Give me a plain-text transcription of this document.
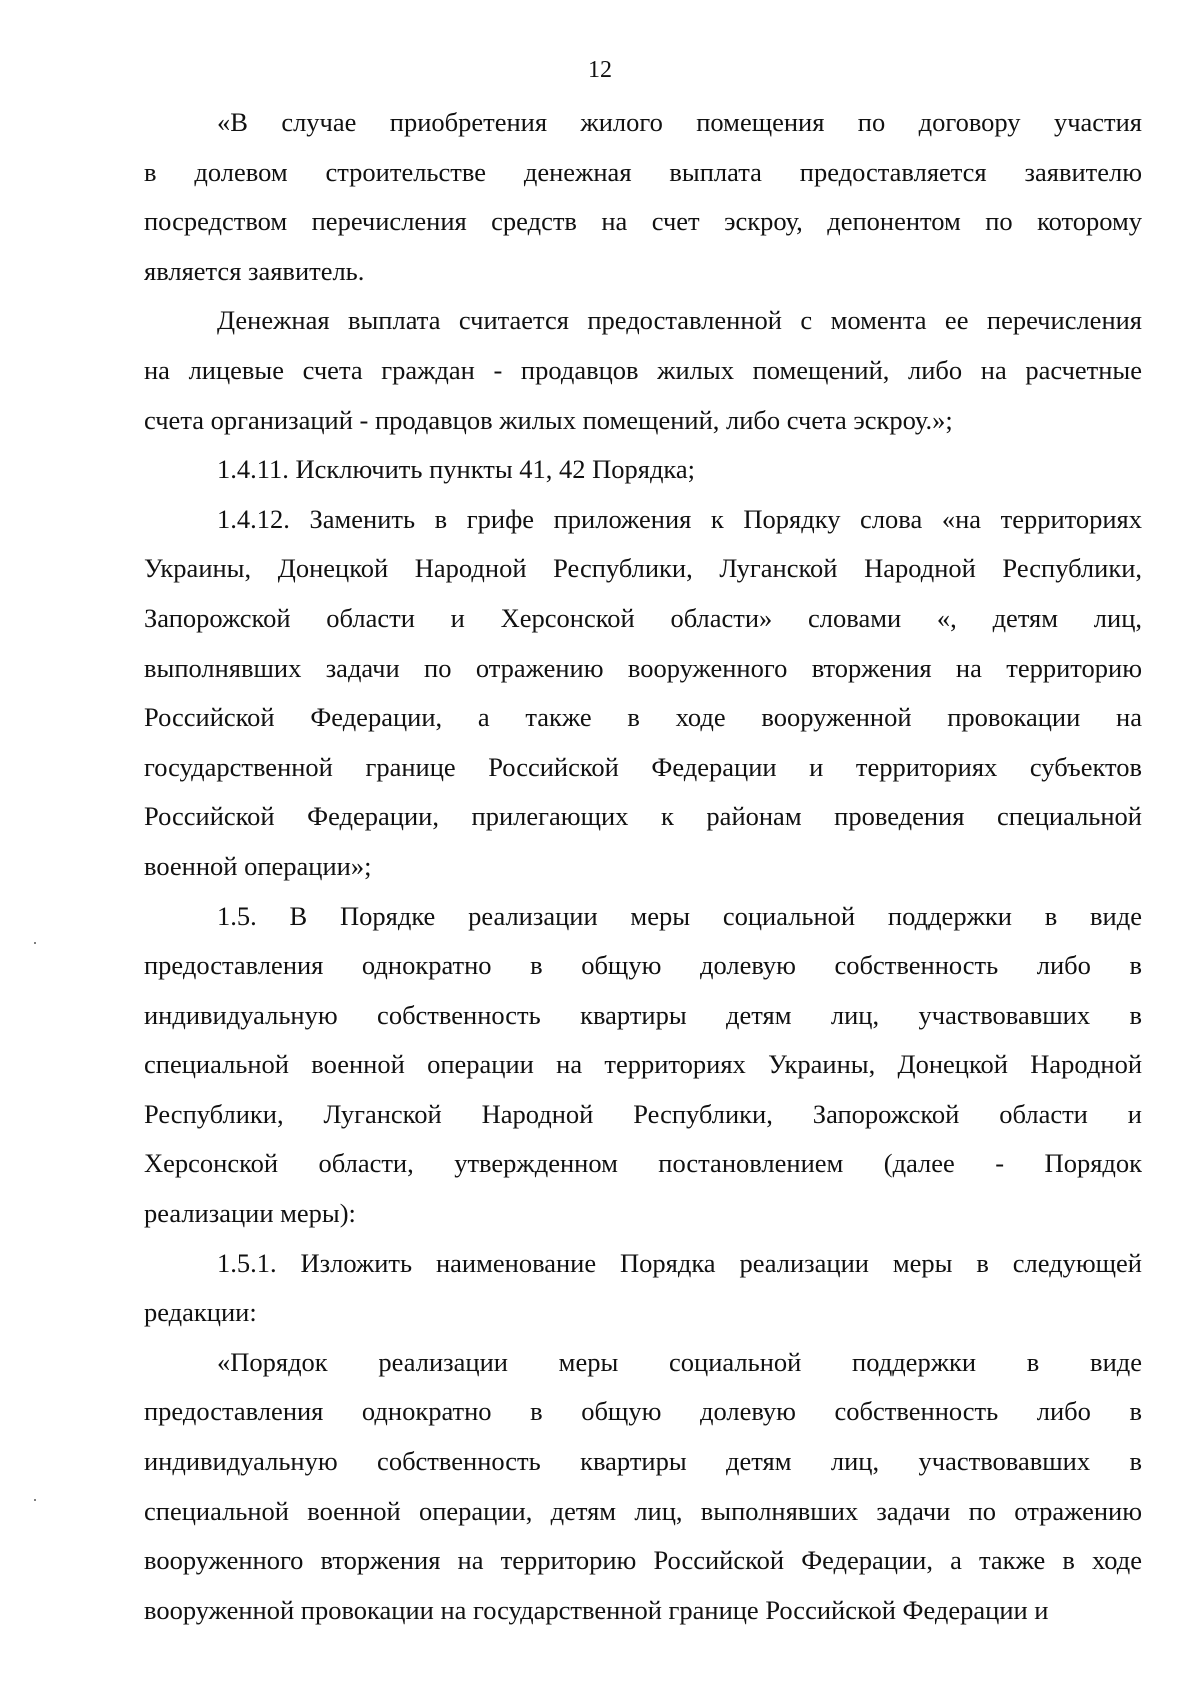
12
«В случае приобретения жилого помещения по договору участия
в долевом строительстве денежная выплата предоставляется заявителю
посредством перечисления средств на счет эскроу, депонентом по которому
является заявитель.
Денежная выплата считается предоставленной с момента ее перечисления
на лицевые счета граждан - продавцов жилых помещений, либо на расчетные
счета организаций - продавцов жилых помещений, либо счета эскроу.»;
1.4.11. Исключить пункты 41, 42 Порядка;
1.4.12. Заменить в грифе приложения к Порядку слова «на территориях
Украины, Донецкой Народной Республики, Луганской Народной Республики,
Запорожской области и Херсонской области» словами «, детям лиц,
выполнявших задачи по отражению вооруженного вторжения на территорию
Российской Федерации, а также в ходе вооруженной провокации на
государственной границе Российской Федерации и территориях субъектов
Российской Федерации, прилегающих к районам проведения специальной
военной операции»;
1.5. В Порядке реализации меры социальной поддержки в виде
предоставления однократно в общую долевую собственность либо в
индивидуальную собственность квартиры детям лиц, участвовавших в
специальной военной операции на территориях Украины, Донецкой Народной
Республики, Луганской Народной Республики, Запорожской области и
Херсонской области, утвержденном постановлением (далее - Порядок
реализации меры):
1.5.1. Изложить наименование Порядка реализации меры в следующей
редакции:
«Порядок реализации меры социальной поддержки в виде
предоставления однократно в общую долевую собственность либо в
индивидуальную собственность квартиры детям лиц, участвовавших в
специальной военной операции, детям лиц, выполнявших задачи по отражению
вооруженного вторжения на территорию Российской Федерации, а также в ходе
вооруженной провокации на государственной границе Российской Федерации и
